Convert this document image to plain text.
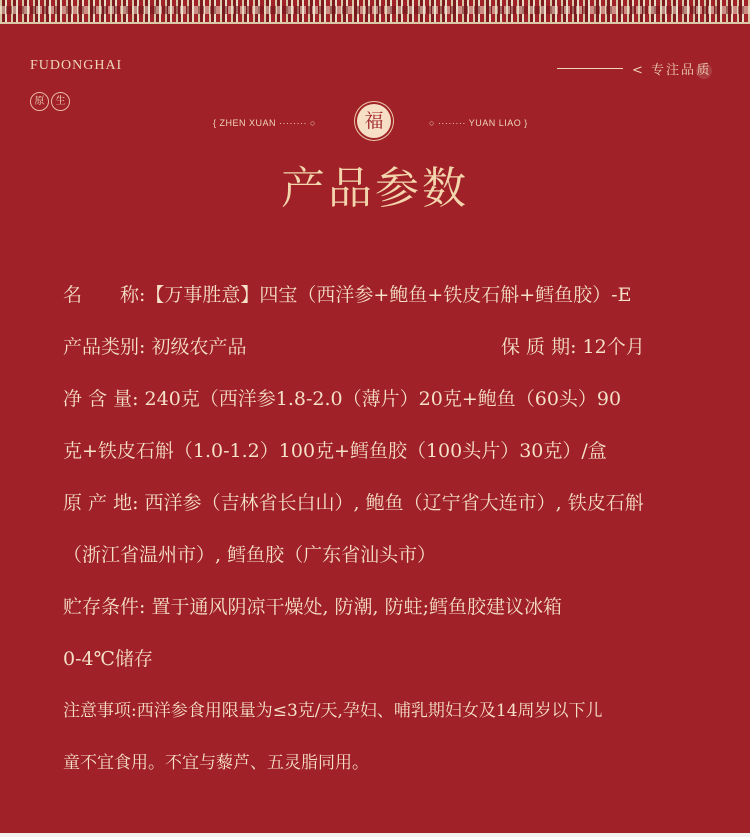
FUDONGHAI
原	生
< 专注品质
{ ZHEN XUAN ········ ○	福	○ ········ YUAN LIAO }
产品参数
名　　称:【万事胜意】四宝（西洋参+鲍鱼+铁皮石斛+鳕鱼胶）-E
产品类别: 初级农产品	保 质 期: 12个月
净 含 量: 240克（西洋参1.8-2.0（薄片）20克+鲍鱼（60头）90
克+铁皮石斛（1.0-1.2）100克+鳕鱼胶（100头片）30克）/盒
原 产 地: 西洋参（吉林省长白山）, 鲍鱼（辽宁省大连市）, 铁皮石斛
（浙江省温州市）, 鳕鱼胶（广东省汕头市）
贮存条件: 置于通风阴凉干燥处, 防潮, 防蛀;鳕鱼胶建议冰箱
0-4℃储存
注意事项:西洋参食用限量为≤3克/天,孕妇、哺乳期妇女及14周岁以下儿
童不宜食用。不宜与藜芦、五灵脂同用。
